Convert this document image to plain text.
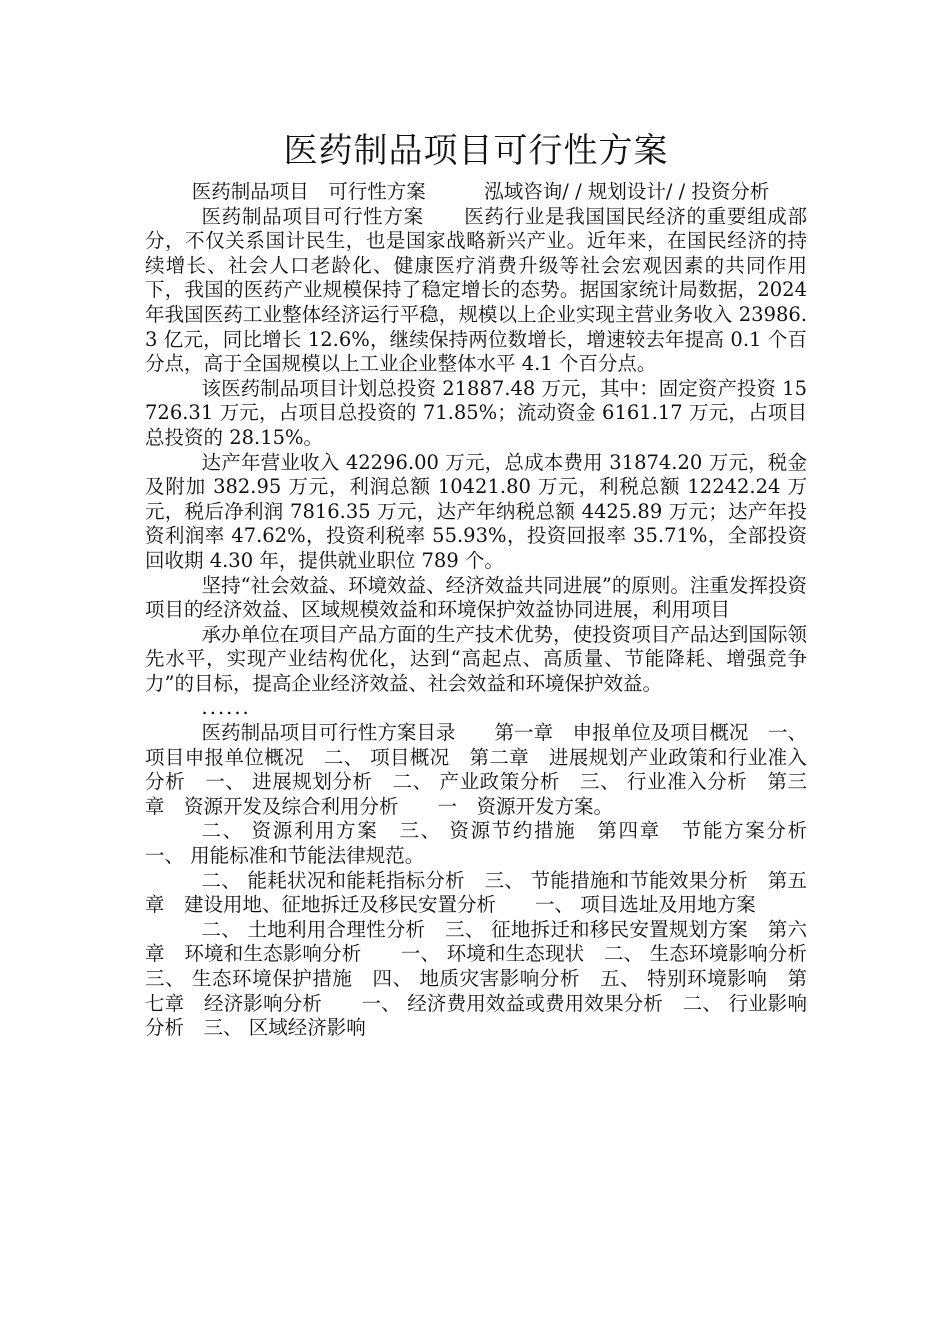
医药制品项目可行性方案

医药制品项目　可行性方案　　　泓域咨询/ / 规划设计/ / 投资分析

医药制品项目可行性方案　　医药行业是我国国民经济的重要组成部分，不仅关系国计民生，也是国家战略新兴产业。近年来，在国民经济的持续增长、社会人口老龄化、健康医疗消费升级等社会宏观因素的共同作用下，我国的医药产业规模保持了稳定增长的态势。据国家统计局数据，2024 年我国医药工业整体经济运行平稳，规模以上企业实现主营业务收入 23986.3 亿元，同比增长 12.6%，继续保持两位数增长，增速较去年提高 0.1 个百分点，高于全国规模以上工业企业整体水平 4.1 个百分点。

该医药制品项目计划总投资 21887.48 万元，其中：固定资产投资 15726.31 万元，占项目总投资的 71.85%；流动资金 6161.17 万元，占项目总投资的 28.15%。

达产年营业收入 42296.00 万元，总成本费用 31874.20 万元，税金及附加 382.95 万元，利润总额 10421.80 万元，利税总额 12242.24 万元，税后净利润 7816.35 万元，达产年纳税总额 4425.89 万元；达产年投资利润率 47.62%，投资利税率 55.93%，投资回报率 35.71%，全部投资回收期 4.30 年，提供就业职位 789 个。

坚持“社会效益、环境效益、经济效益共同进展”的原则。注重发挥投资项目的经济效益、区域规模效益和环境保护效益协同进展，利用项目

承办单位在项目产品方面的生产技术优势，使投资项目产品达到国际领先水平，实现产业结构优化，达到“高起点、高质量、节能降耗、增强竞争力”的目标，提高企业经济效益、社会效益和环境保护效益。

......

医药制品项目可行性方案目录　　第一章　申报单位及项目概况　一、 项目申报单位概况　二、 项目概况　第二章　进展规划产业政策和行业准入分析　一、 进展规划分析　二、 产业政策分析　三、 行业准入分析　第三章　资源开发及综合利用分析　　一　资源开发方案。

二、 资源利用方案　三、 资源节约措施　第四章　节能方案分析　　一、 用能标准和节能法律规范。

二、 能耗状况和能耗指标分析　三、 节能措施和节能效果分析　第五章　建设用地、征地拆迁及移民安置分析　　一、 项目选址及用地方案

二、 土地利用合理性分析　三、 征地拆迁和移民安置规划方案　第六章　环境和生态影响分析　　一、 环境和生态现状　二、 生态环境影响分析　三、 生态环境保护措施　四、 地质灾害影响分析　五、 特别环境影响　第七章　经济影响分析　　一、 经济费用效益或费用效果分析　二、 行业影响分析　三、 区域经济影响
